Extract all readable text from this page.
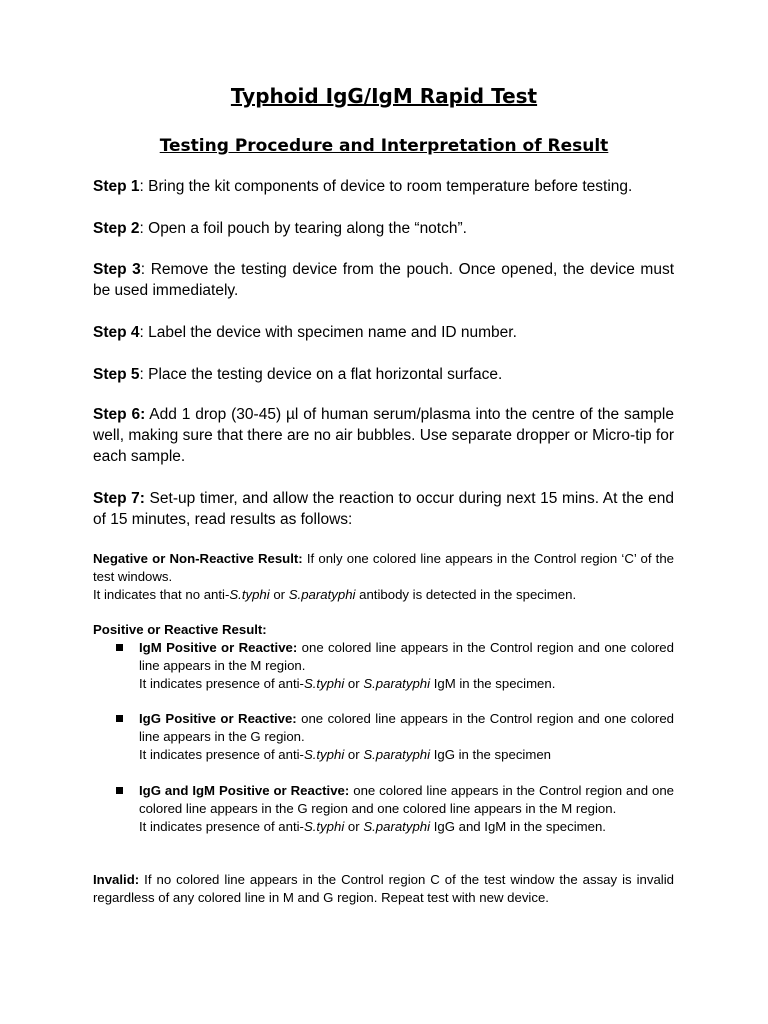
Typhoid IgG/IgM Rapid Test
Testing Procedure and Interpretation of Result
Step 1: Bring the kit components of device to room temperature before testing.
Step 2: Open a foil pouch by tearing along the “notch”.
Step 3: Remove the testing device from the pouch. Once opened, the device must be used immediately.
Step 4: Label the device with specimen name and ID number.
Step 5: Place the testing device on a flat horizontal surface.
Step 6: Add 1 drop (30-45) µl of human serum/plasma into the centre of the sample well, making sure that there are no air bubbles. Use separate dropper or Micro-tip for each sample.
Step 7: Set-up timer, and allow the reaction to occur during next 15 mins. At the end of 15 minutes, read results as follows:
Negative or Non-Reactive Result: If only one colored line appears in the Control region ‘C’ of the test windows.
It indicates that no anti-S.typhi or S.paratyphi antibody is detected in the specimen.
Positive or Reactive Result:
IgM Positive or Reactive: one colored line appears in the Control region and one colored line appears in the M region.
It indicates presence of anti-S.typhi or S.paratyphi IgM in the specimen.
IgG Positive or Reactive: one colored line appears in the Control region and one colored line appears in the G region.
It indicates presence of anti-S.typhi or S.paratyphi IgG in the specimen
IgG and IgM Positive or Reactive: one colored line appears in the Control region and one colored line appears in the G region and one colored line appears in the M region.
It indicates presence of anti-S.typhi or S.paratyphi IgG and IgM in the specimen.
Invalid: If no colored line appears in the Control region C of the test window the assay is invalid regardless of any colored line in M and G region. Repeat test with new device.
